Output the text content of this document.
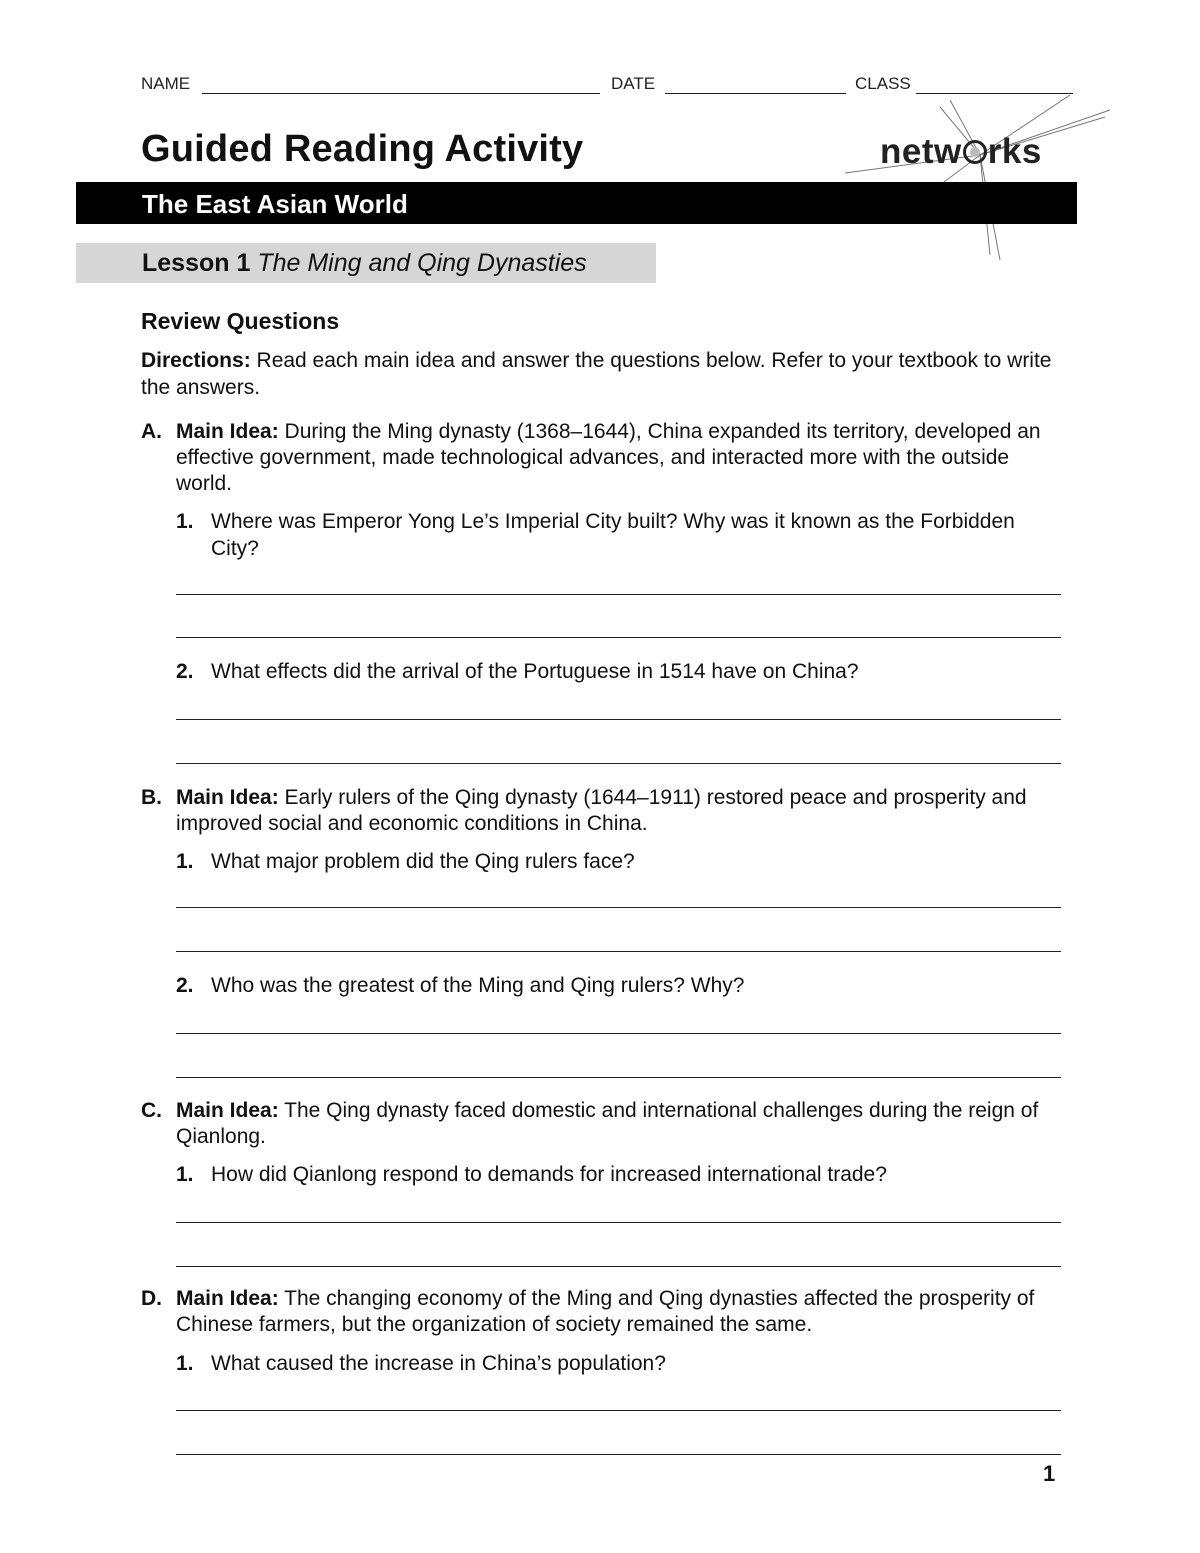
NAME	DATE	CLASS
Guided Reading Activity	netw rks
The East Asian World
Lesson 1 The Ming and Qing Dynasties
Review Questions
Directions: Read each main idea and answer the questions below. Refer to your textbook to write the answers.
A. Main Idea: During the Ming dynasty (1368–1644), China expanded its territory, developed an effective government, made technological advances, and interacted more with the outside world.
1. Where was Emperor Yong Le’s Imperial City built? Why was it known as the Forbidden City?
2. What effects did the arrival of the Portuguese in 1514 have on China?
B. Main Idea: Early rulers of the Qing dynasty (1644–1911) restored peace and prosperity and improved social and economic conditions in China.
1. What major problem did the Qing rulers face?
2. Who was the greatest of the Ming and Qing rulers? Why?
C. Main Idea: The Qing dynasty faced domestic and international challenges during the reign of Qianlong.
1. How did Qianlong respond to demands for increased international trade?
D. Main Idea: The changing economy of the Ming and Qing dynasties affected the prosperity of Chinese farmers, but the organization of society remained the same.
1. What caused the increase in China’s population?
1
